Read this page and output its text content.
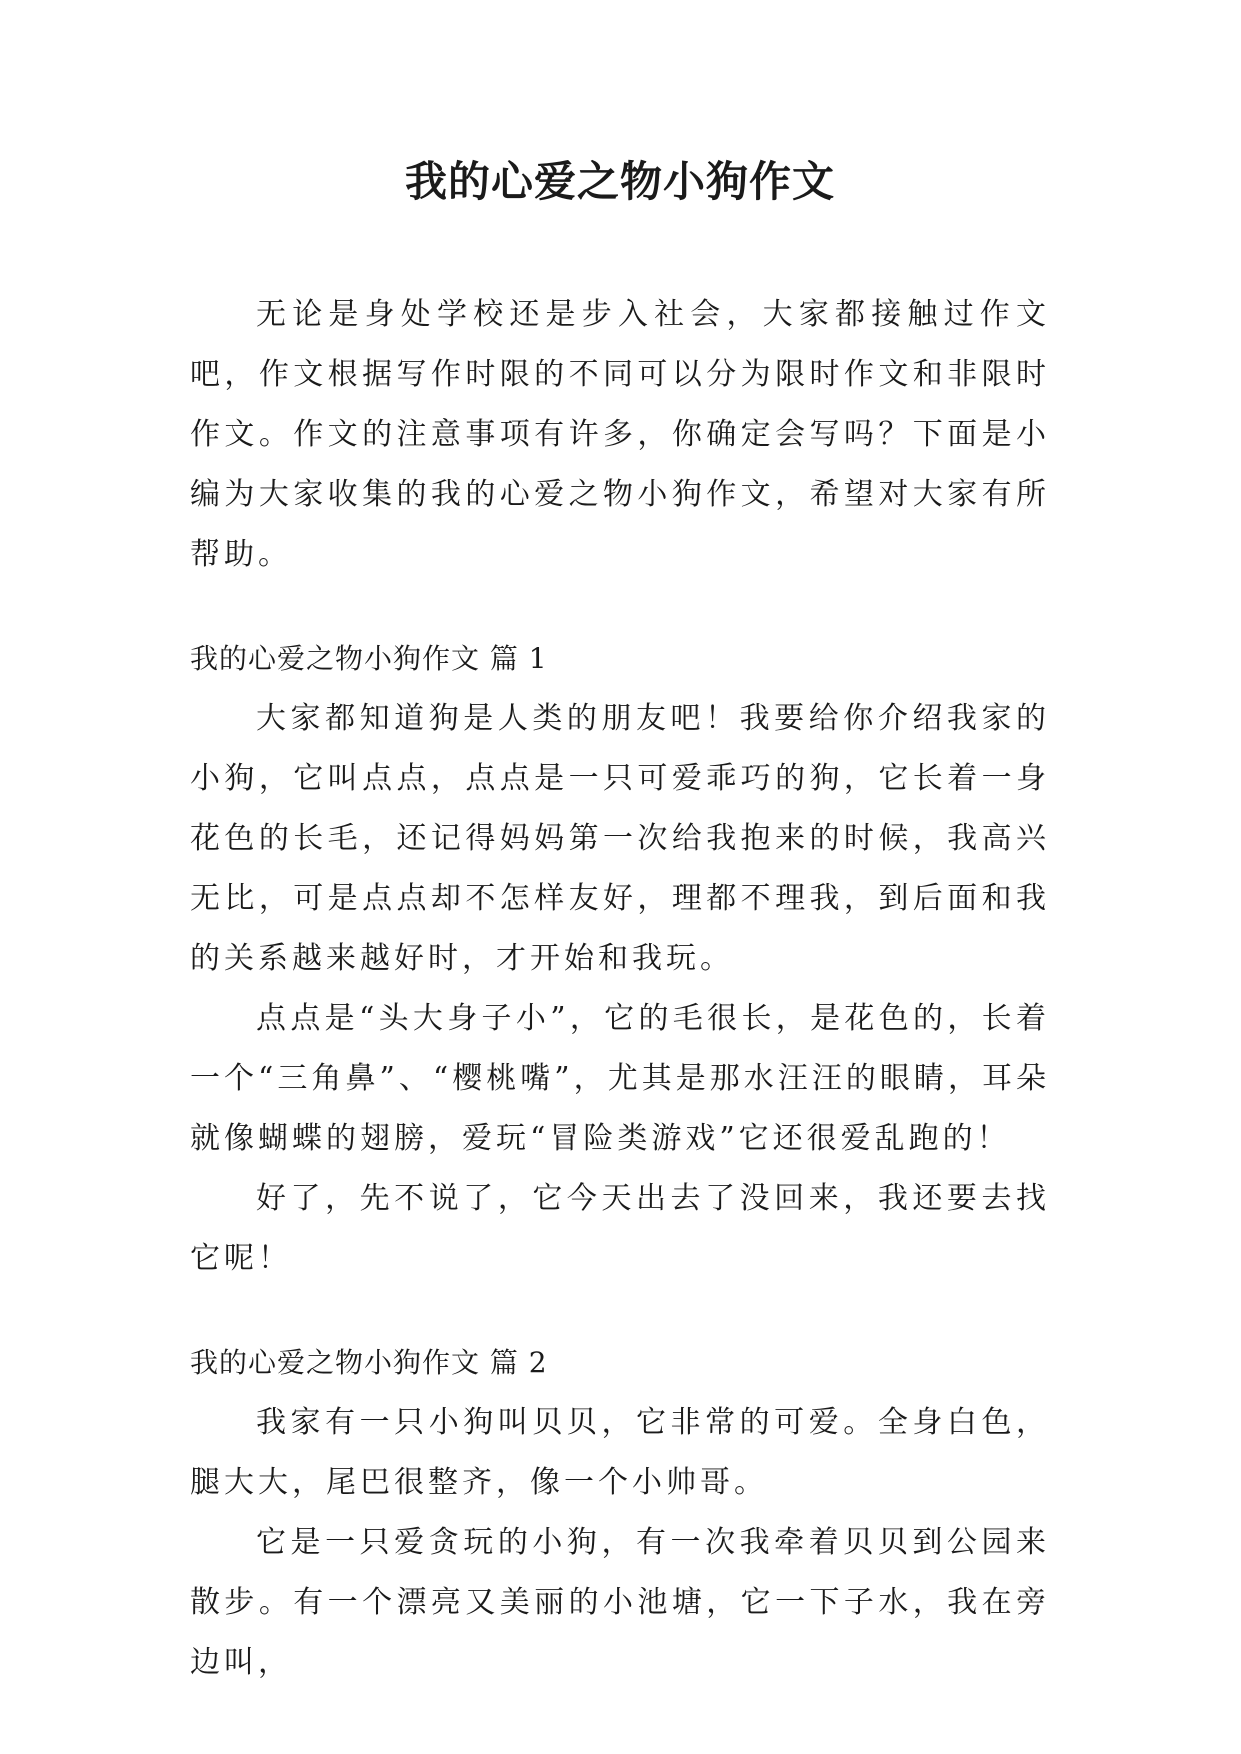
我的心爱之物小狗作文

无论是身处学校还是步入社会，大家都接触过作文吧，作文根据写作时限的不同可以分为限时作文和非限时作文。作文的注意事项有许多，你确定会写吗？下面是小编为大家收集的我的心爱之物小狗作文，希望对大家有所帮助。

我的心爱之物小狗作文 篇 1

大家都知道狗是人类的朋友吧！我要给你介绍我家的小狗，它叫点点，点点是一只可爱乖巧的狗，它长着一身花色的长毛，还记得妈妈第一次给我抱来的时候，我高兴无比，可是点点却不怎样友好，理都不理我，到后面和我的关系越来越好时，才开始和我玩。

点点是“头大身子小”，它的毛很长，是花色的，长着一个“三角鼻”、“樱桃嘴”，尤其是那水汪汪的眼睛，耳朵就像蝴蝶的翅膀，爱玩“冒险类游戏”它还很爱乱跑的！

好了，先不说了，它今天出去了没回来，我还要去找它呢！

我的心爱之物小狗作文 篇 2

我家有一只小狗叫贝贝，它非常的可爱。全身白色，腿大大，尾巴很整齐，像一个小帅哥。

它是一只爱贪玩的小狗，有一次我牵着贝贝到公园来散步。有一个漂亮又美丽的小池塘，它一下子水，我在旁边叫，
